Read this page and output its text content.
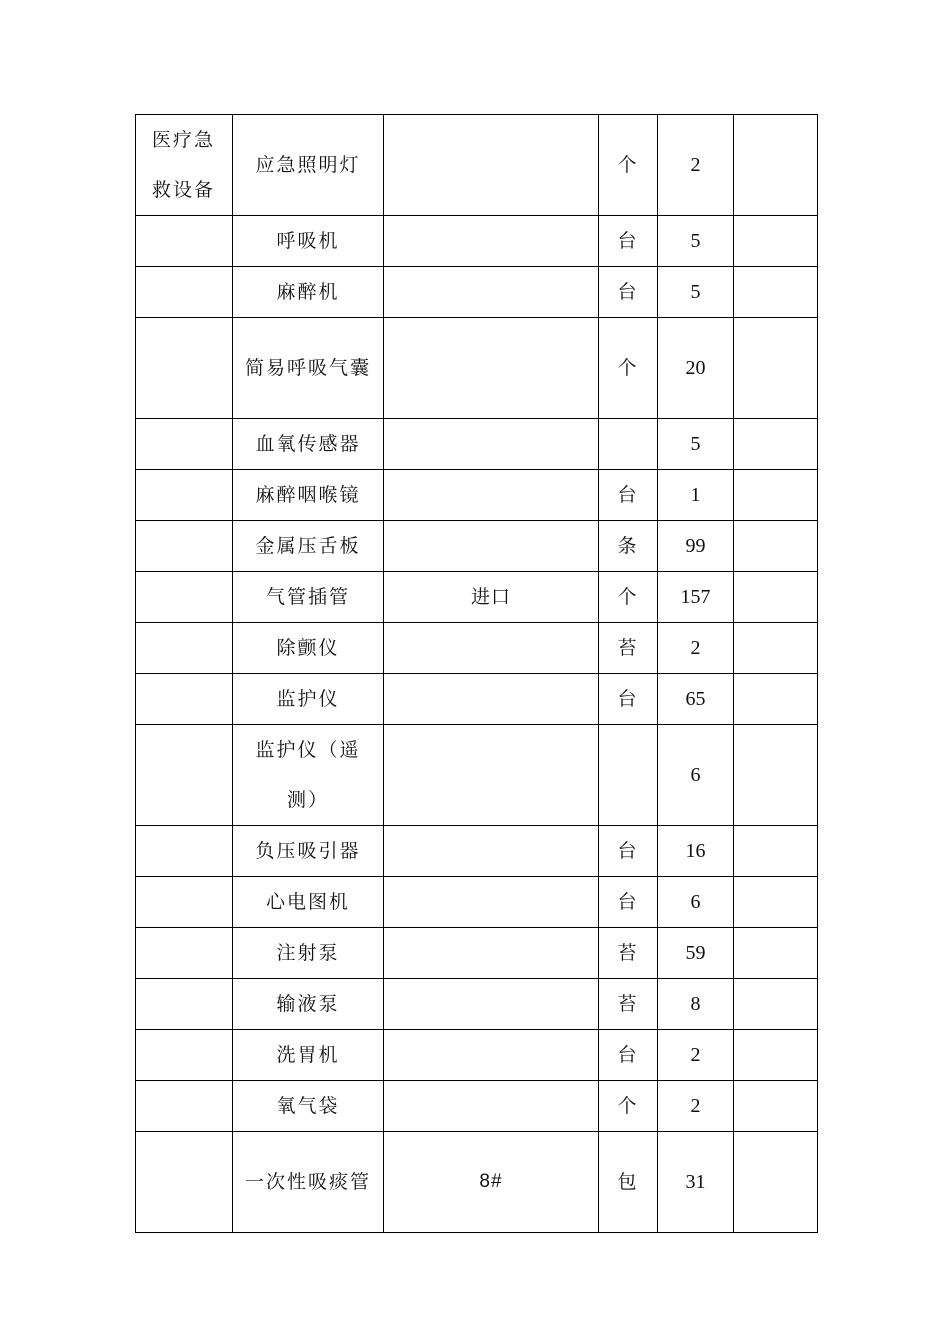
医疗急救设备	应急照明灯		个	2	
	呼吸机		台	5	
	麻醉机		台	5	
	简易呼吸气囊		个	20	
	血氧传感器			5	
	麻醉咽喉镜		台	1	
	金属压舌板		条	99	
	气管插管	进口	个	157	
	除颤仪		苔	2	
	监护仪		台	65	
	监护仪（遥测）			6	
	负压吸引器		台	16	
	心电图机		台	6	
	注射泵		苔	59	
	输液泵		苔	8	
	洗胃机		台	2	
	氧气袋		个	2	
	一次性吸痰管	8#	包	31	
